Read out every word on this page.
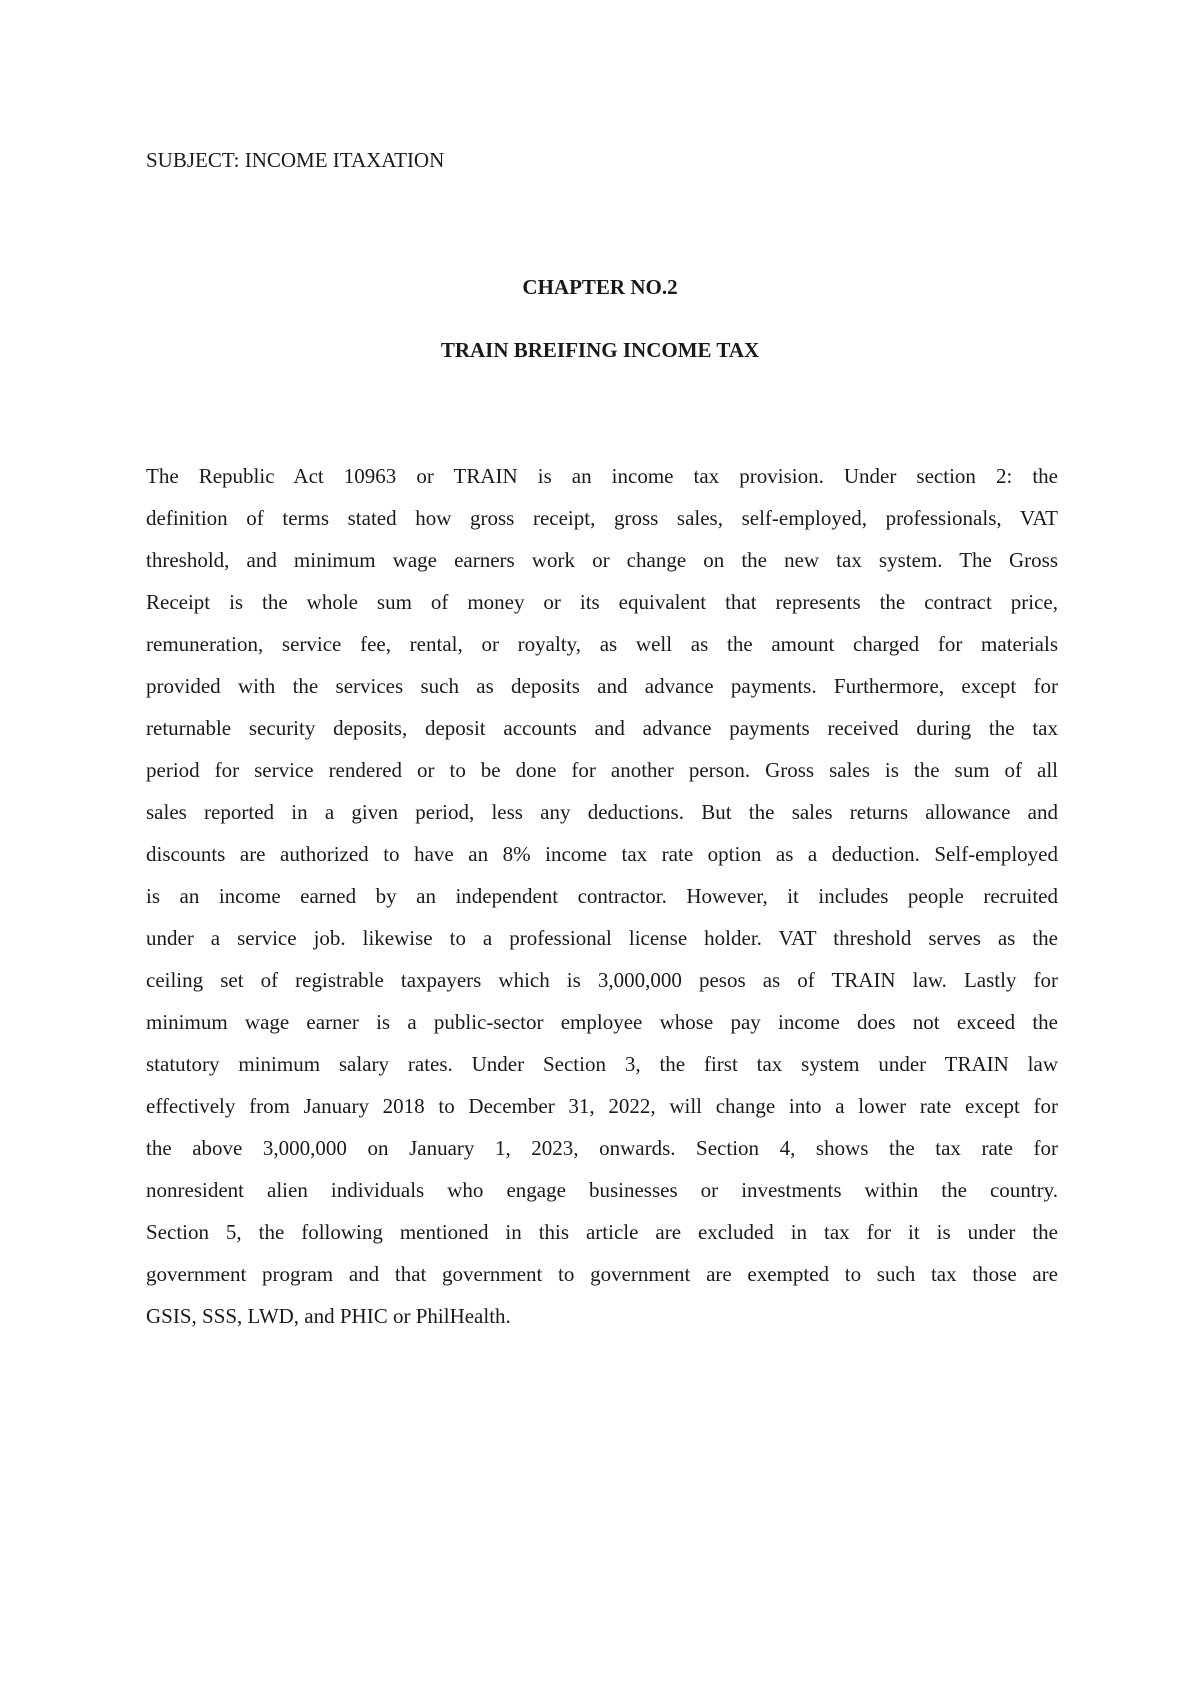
SUBJECT: INCOME ITAXATION
CHAPTER NO.2
TRAIN BREIFING INCOME TAX
The Republic Act 10963 or TRAIN is an income tax provision. Under section 2: the
definition of terms stated how gross receipt, gross sales, self-employed, professionals, VAT
threshold, and minimum wage earners work or change on the new tax system. The Gross
Receipt is the whole sum of money or its equivalent that represents the contract price,
remuneration, service fee, rental, or royalty, as well as the amount charged for materials
provided with the services such as deposits and advance payments. Furthermore, except for
returnable security deposits, deposit accounts and advance payments received during the tax
period for service rendered or to be done for another person. Gross sales is the sum of all
sales reported in a given period, less any deductions. But the sales returns allowance and
discounts are authorized to have an 8% income tax rate option as a deduction. Self-employed
is an income earned by an independent contractor. However, it includes people recruited
under a service job. likewise to a professional license holder. VAT threshold serves as the
ceiling set of registrable taxpayers which is 3,000,000 pesos as of TRAIN law. Lastly for
minimum wage earner is a public-sector employee whose pay income does not exceed the
statutory minimum salary rates. Under Section 3, the first tax system under TRAIN law
effectively from January 2018 to December 31, 2022, will change into a lower rate except for
the above 3,000,000 on January 1, 2023, onwards. Section 4, shows the tax rate for
nonresident alien individuals who engage businesses or investments within the country.
Section 5, the following mentioned in this article are excluded in tax for it is under the
government program and that government to government are exempted to such tax those are
GSIS, SSS, LWD, and PHIC or PhilHealth.
